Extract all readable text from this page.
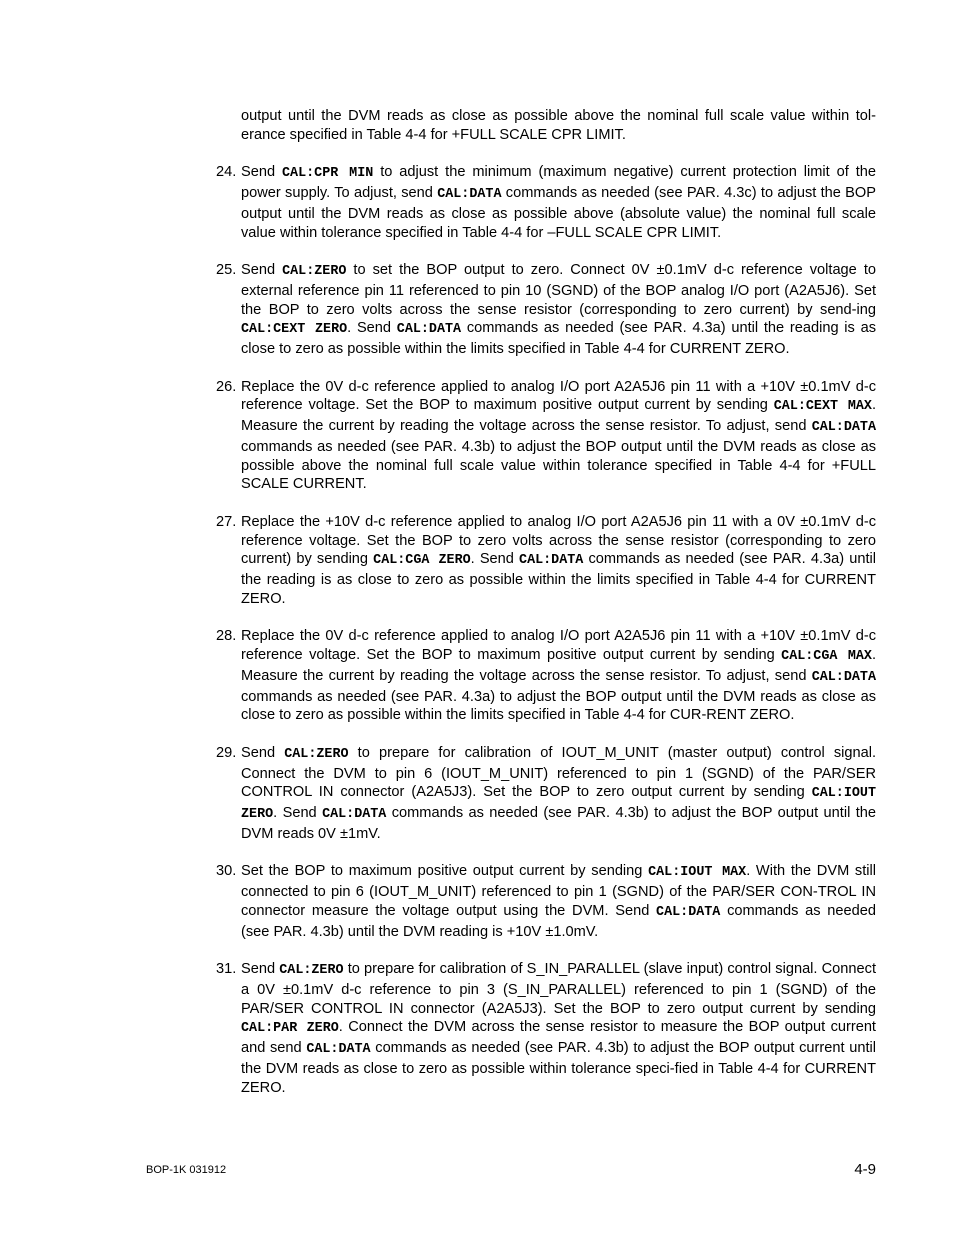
output until the DVM reads as close as possible above the nominal full scale value within tol-erance specified in Table 4-4 for +FULL SCALE CPR LIMIT.
24. Send CAL:CPR MIN to adjust the minimum (maximum negative) current protection limit of the power supply. To adjust, send CAL:DATA commands as needed (see PAR. 4.3c) to adjust the BOP output until the DVM reads as close as possible above (absolute value) the nominal full scale value within tolerance specified in Table 4-4 for –FULL SCALE CPR LIMIT.
25. Send CAL:ZERO to set the BOP output to zero. Connect 0V ±0.1mV d-c reference voltage to external reference pin 11 referenced to pin 10 (SGND) of the BOP analog I/O port (A2A5J6). Set the BOP to zero volts across the sense resistor (corresponding to zero current) by send-ing CAL:CEXT ZERO. Send CAL:DATA commands as needed (see PAR. 4.3a) until the reading is as close to zero as possible within the limits specified in Table 4-4 for CURRENT ZERO.
26. Replace the 0V d-c reference applied to analog I/O port A2A5J6 pin 11 with a +10V ±0.1mV d-c reference voltage. Set the BOP to maximum positive output current by sending CAL:CEXT MAX. Measure the current by reading the voltage across the sense resistor. To adjust, send CAL:DATA commands as needed (see PAR. 4.3b) to adjust the BOP output until the DVM reads as close as possible above the nominal full scale value within tolerance specified in Table 4-4 for +FULL SCALE CURRENT.
27. Replace the +10V d-c reference applied to analog I/O port A2A5J6 pin 11 with a 0V ±0.1mV d-c reference voltage. Set the BOP to zero volts across the sense resistor (corresponding to zero current) by sending CAL:CGA ZERO. Send CAL:DATA commands as needed (see PAR. 4.3a) until the reading is as close to zero as possible within the limits specified in Table 4-4 for CURRENT ZERO.
28. Replace the 0V d-c reference applied to analog I/O port A2A5J6 pin 11 with a +10V ±0.1mV d-c reference voltage. Set the BOP to maximum positive output current by sending CAL:CGA MAX. Measure the current by reading the voltage across the sense resistor. To adjust, send CAL:DATA commands as needed (see PAR. 4.3a) to adjust the BOP output until the DVM reads as close as close to zero as possible within the limits specified in Table 4-4 for CUR-RENT ZERO.
29. Send CAL:ZERO to prepare for calibration of IOUT_M_UNIT (master output) control signal. Connect the DVM to pin 6 (IOUT_M_UNIT) referenced to pin 1 (SGND) of the PAR/SER CONTROL IN connector (A2A5J3). Set the BOP to zero output current by sending CAL:IOUT ZERO. Send CAL:DATA commands as needed (see PAR. 4.3b) to adjust the BOP output until the DVM reads 0V ±1mV.
30. Set the BOP to maximum positive output current by sending CAL:IOUT MAX. With the DVM still connected to pin 6 (IOUT_M_UNIT) referenced to pin 1 (SGND) of the PAR/SER CON-TROL IN connector measure the voltage output using the DVM. Send CAL:DATA commands as needed (see PAR. 4.3b) until the DVM reading is +10V ±1.0mV.
31. Send CAL:ZERO to prepare for calibration of S_IN_PARALLEL (slave input) control signal. Connect a 0V ±0.1mV d-c reference to pin 3 (S_IN_PARALLEL) referenced to pin 1 (SGND) of the PAR/SER CONTROL IN connector (A2A5J3). Set the BOP to zero output current by sending CAL:PAR ZERO. Connect the DVM across the sense resistor to measure the BOP output current and send CAL:DATA commands as needed (see PAR. 4.3b) to adjust the BOP output current until the DVM reads as close to zero as possible within tolerance speci-fied in Table 4-4 for CURRENT ZERO.
BOP-1K 031912	4-9
